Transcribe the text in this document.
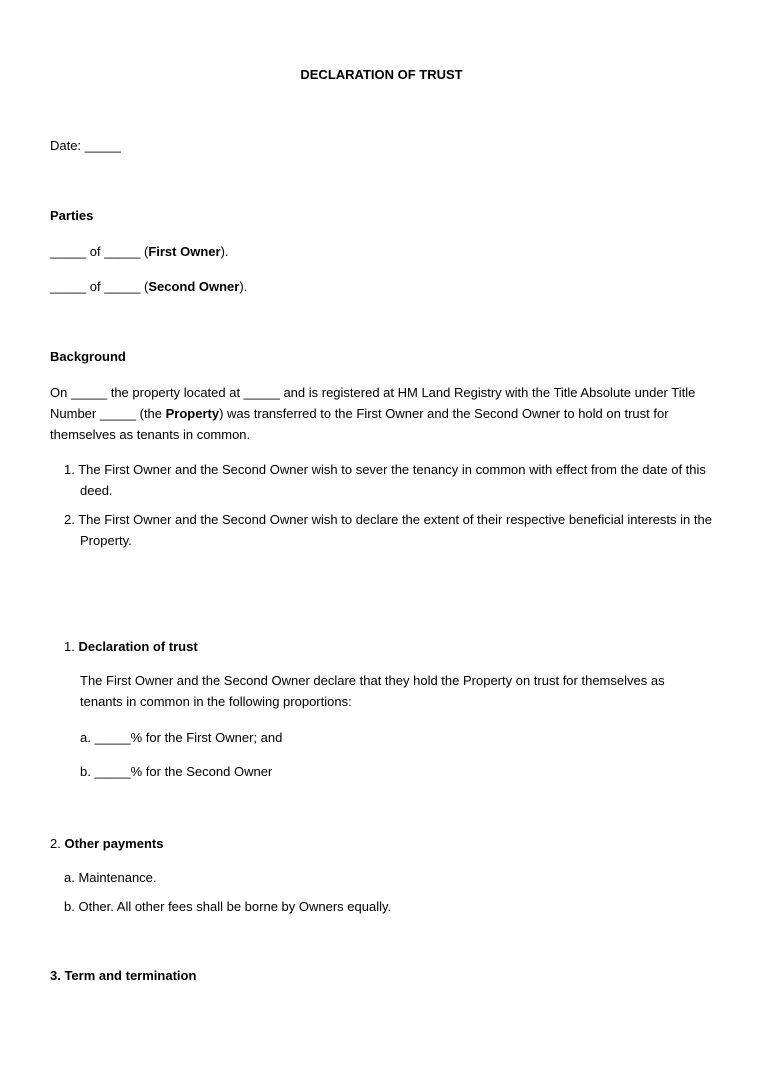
DECLARATION OF TRUST
Date: _____
Parties
_____ of _____ (First Owner).
_____ of _____ (Second Owner).
Background
On _____ the property located at _____ and is registered at HM Land Registry with the Title Absolute under Title Number _____ (the Property) was transferred to the First Owner and the Second Owner to hold on trust for themselves as tenants in common.
1. The First Owner and the Second Owner wish to sever the tenancy in common with effect from the date of this deed.
2. The First Owner and the Second Owner wish to declare the extent of their respective beneficial interests in the Property.
1. Declaration of trust
The First Owner and the Second Owner declare that they hold the Property on trust for themselves as tenants in common in the following proportions:
a. _____% for the First Owner; and
b. _____% for the Second Owner
2. Other payments
a. Maintenance.
b. Other. All other fees shall be borne by Owners equally.
3. Term and termination
